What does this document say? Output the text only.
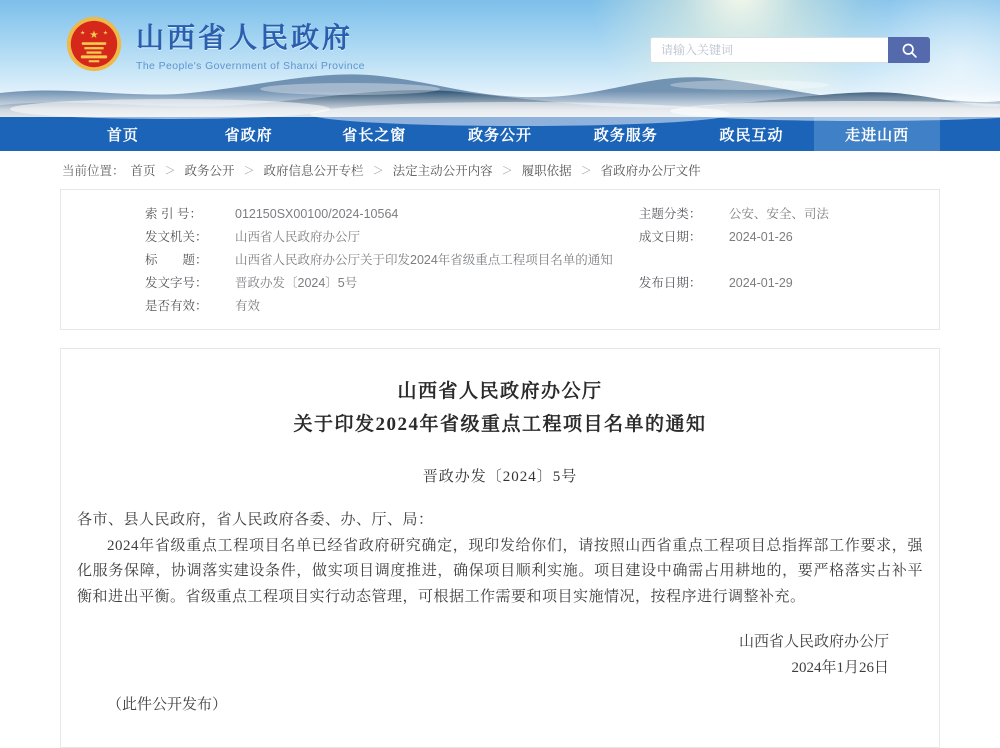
★
★	★ 山西省人民政府
The People's Government of Shanxi Province
请输入关键词
首页	省政府	省长之窗	政务公开	政务服务	政民互动	走进山西
当前位置： 首页 ＞ 政务公开 ＞ 政府信息公开专栏 ＞ 法定主动公开内容 ＞ 履职依据 ＞ 省政府办公厅文件
索 引 号：	012150SX00100/2024-10564
发文机关：	山西省人民政府办公厅
标　　题：	山西省人民政府办公厅关于印发2024年省级重点工程项目名单的通知
发文字号：	晋政办发〔2024〕5号
是否有效：	有效
主题分类：	公安、安全、司法
成文日期：	2024-01-26
发布日期：	2024-01-29
山西省人民政府办公厅
关于印发2024年省级重点工程项目名单的通知
晋政办发〔2024〕5号
各市、县人民政府，省人民政府各委、办、厅、局：
2024年省级重点工程项目名单已经省政府研究确定，现印发给你们，请按照山西省重点工程项目总指挥部工作要求，强化服务保障，协调落实建设条件，做实项目调度推进，确保项目顺利实施。项目建设中确需占用耕地的，要严格落实占补平衡和进出平衡。省级重点工程项目实行动态管理，可根据工作需要和项目实施情况，按程序进行调整补充。
山西省人民政府办公厅
2024年1月26日
（此件公开发布）
